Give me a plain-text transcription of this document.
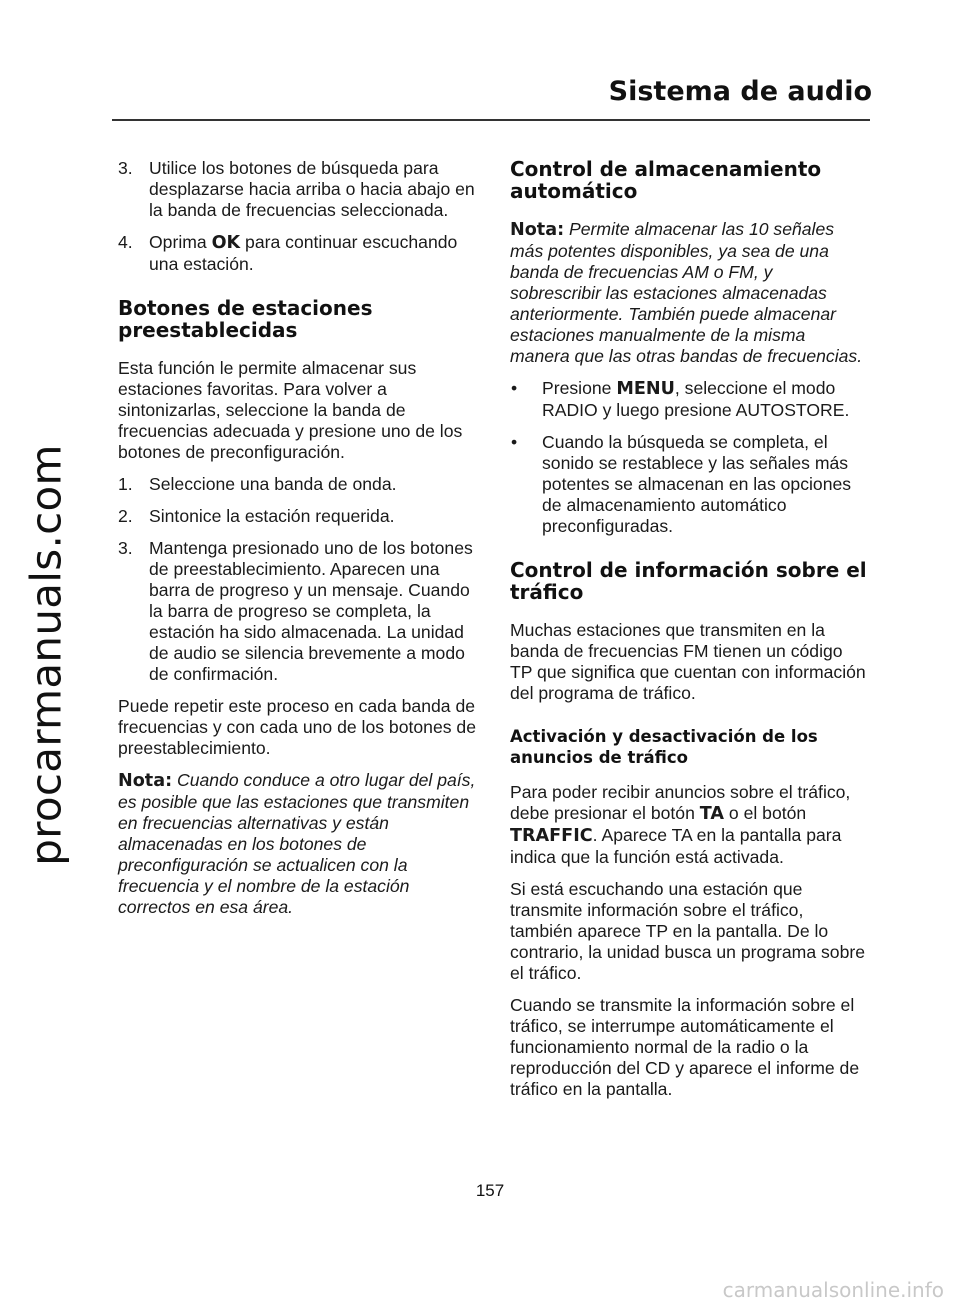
procarmanuals.com
Sistema de audio
3. Utilice los botones de búsqueda para desplazarse hacia arriba o hacia abajo en la banda de frecuencias seleccionada.
4. Oprima OK para continuar escuchando una estación.
Botones de estaciones preestablecidas

Esta función le permite almacenar sus estaciones favoritas. Para volver a sintonizarlas, seleccione la banda de frecuencias adecuada y presione uno de los botones de preconfiguración.

1. Seleccione una banda de onda.
2. Sintonice la estación requerida.
3. Mantenga presionado uno de los botones de preestablecimiento. Aparecen una barra de progreso y un mensaje. Cuando la barra de progreso se completa, la estación ha sido almacenada. La unidad de audio se silencia brevemente a modo de confirmación.

Puede repetir este proceso en cada banda de frecuencias y con cada uno de los botones de preestablecimiento.

Nota: Cuando conduce a otro lugar del país, es posible que las estaciones que transmiten en frecuencias alternativas y están almacenadas en los botones de preconfiguración se actualicen con la frecuencia y el nombre de la estación correctos en esa área.

Control de almacenamiento automático

Nota: Permite almacenar las 10 señales más potentes disponibles, ya sea de una banda de frecuencias AM o FM, y sobrescribir las estaciones almacenadas anteriormente. También puede almacenar estaciones manualmente de la misma manera que las otras bandas de frecuencias.

•	Presione MENU, seleccione el modo RADIO y luego presione AUTOSTORE.
•	Cuando la búsqueda se completa, el sonido se restablece y las señales más potentes se almacenan en las opciones de almacenamiento automático preconfiguradas.
Control de información sobre el tráfico

Muchas estaciones que transmiten en la banda de frecuencias FM tienen un código TP que significa que cuentan con información del programa de tráfico.

Activación y desactivación de los anuncios de tráfico

Para poder recibir anuncios sobre el tráfico, debe presionar el botón TA o el botón TRAFFIC. Aparece TA en la pantalla para indica que la función está activada.

Si está escuchando una estación que transmite información sobre el tráfico, también aparece TP en la pantalla. De lo contrario, la unidad busca un programa sobre el tráfico.

Cuando se transmite la información sobre el tráfico, se interrumpe automáticamente el funcionamiento normal de la radio o la reproducción del CD y aparece el informe de tráfico en la pantalla.

157
carmanualsonline.info
